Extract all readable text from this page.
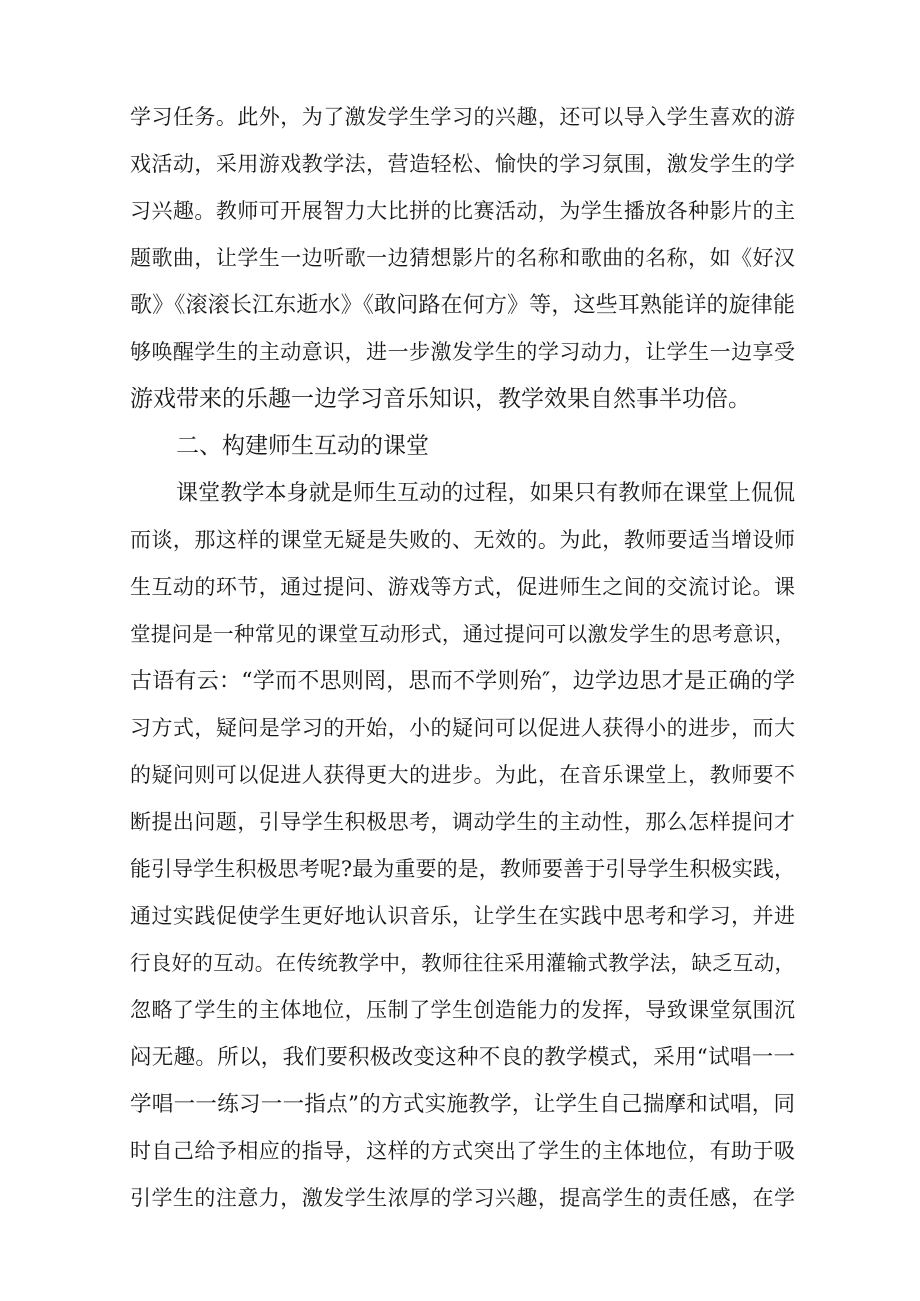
学习任务。此外，为了激发学生学习的兴趣，还可以导入学生喜欢的游
戏活动，采用游戏教学法，营造轻松、愉快的学习氛围，激发学生的学
习兴趣。教师可开展智力大比拼的比赛活动，为学生播放各种影片的主
题歌曲，让学生一边听歌一边猜想影片的名称和歌曲的名称，如《好汉
歌》《滚滚长江东逝水》《敢问路在何方》等，这些耳熟能详的旋律能
够唤醒学生的主动意识，进一步激发学生的学习动力，让学生一边享受
游戏带来的乐趣一边学习音乐知识，教学效果自然事半功倍。
二、构建师生互动的课堂
课堂教学本身就是师生互动的过程，如果只有教师在课堂上侃侃
而谈，那这样的课堂无疑是失败的、无效的。为此，教师要适当增设师
生互动的环节，通过提问、游戏等方式，促进师生之间的交流讨论。课
堂提问是一种常见的课堂互动形式，通过提问可以激发学生的思考意识，
古语有云：“学而不思则罔，思而不学则殆″，边学边思才是正确的学
习方式，疑问是学习的开始，小的疑问可以促进人获得小的进步，而大
的疑问则可以促进人获得更大的进步。为此，在音乐课堂上，教师要不
断提出问题，引导学生积极思考，调动学生的主动性，那么怎样提问才
能引导学生积极思考呢?最为重要的是，教师要善于引导学生积极实践，
通过实践促使学生更好地认识音乐，让学生在实践中思考和学习，并进
行良好的互动。在传统教学中，教师往往采用灌输式教学法，缺乏互动，
忽略了学生的主体地位，压制了学生创造能力的发挥，导致课堂氛围沉
闷无趣。所以，我们要积极改变这种不良的教学模式，采用“试唱一一
学唱一一练习一一指点”的方式实施教学，让学生自己揣摩和试唱，同
时自己给予相应的指导，这样的方式突出了学生的主体地位，有助于吸
引学生的注意力，激发学生浓厚的学习兴趣，提高学生的责任感，在学
